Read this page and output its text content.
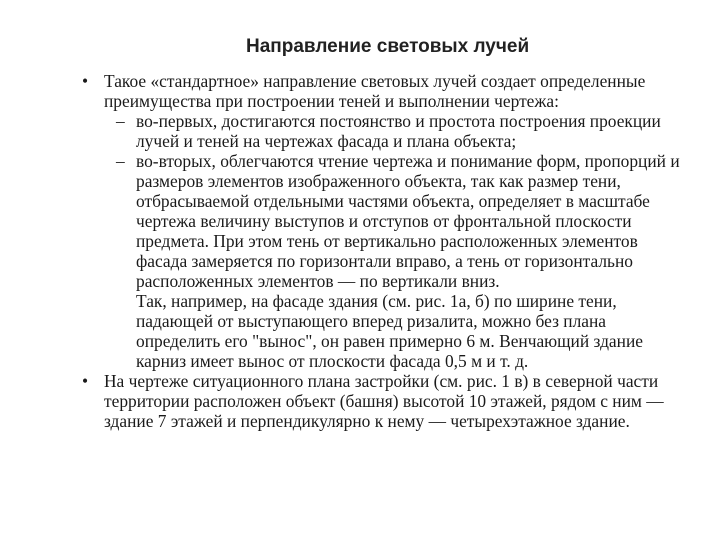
Направление световых лучей
• Такое «стандартное» направление световых лучей создает определенные преимущества при построении теней и выполнении чертежа:
– во-первых, достигаются постоянство и простота построения проекции лучей и теней на чертежах фасада и плана объекта;
– во-вторых, облегчаются чтение чертежа и понимание форм, пропорций и размеров элементов изображенного объекта, так как размер тени, отбрасываемой отдельными частями объекта, определяет в масштабе чертежа величину выступов и отступов от фронтальной плоскости предмета. При этом тень от вертикально расположенных элементов фасада замеряется по горизонтали вправо, а тень от горизонтально расположенных элементов — по вертикали вниз.
Так, например, на фасаде здания (см. рис. 1а, б) по ширине тени, падающей от выступающего вперед ризалита, можно без плана определить его "вынос", он равен примерно 6 м. Венчающий здание карниз имеет вынос от плоскости фасада 0,5 м и т. д.
• На чертеже ситуационного плана застройки (см. рис. 1 в) в северной части территории расположен объект (башня) высотой 10 этажей, рядом с ним — здание 7 этажей и перпендикулярно к нему — четырехэтажное здание.
